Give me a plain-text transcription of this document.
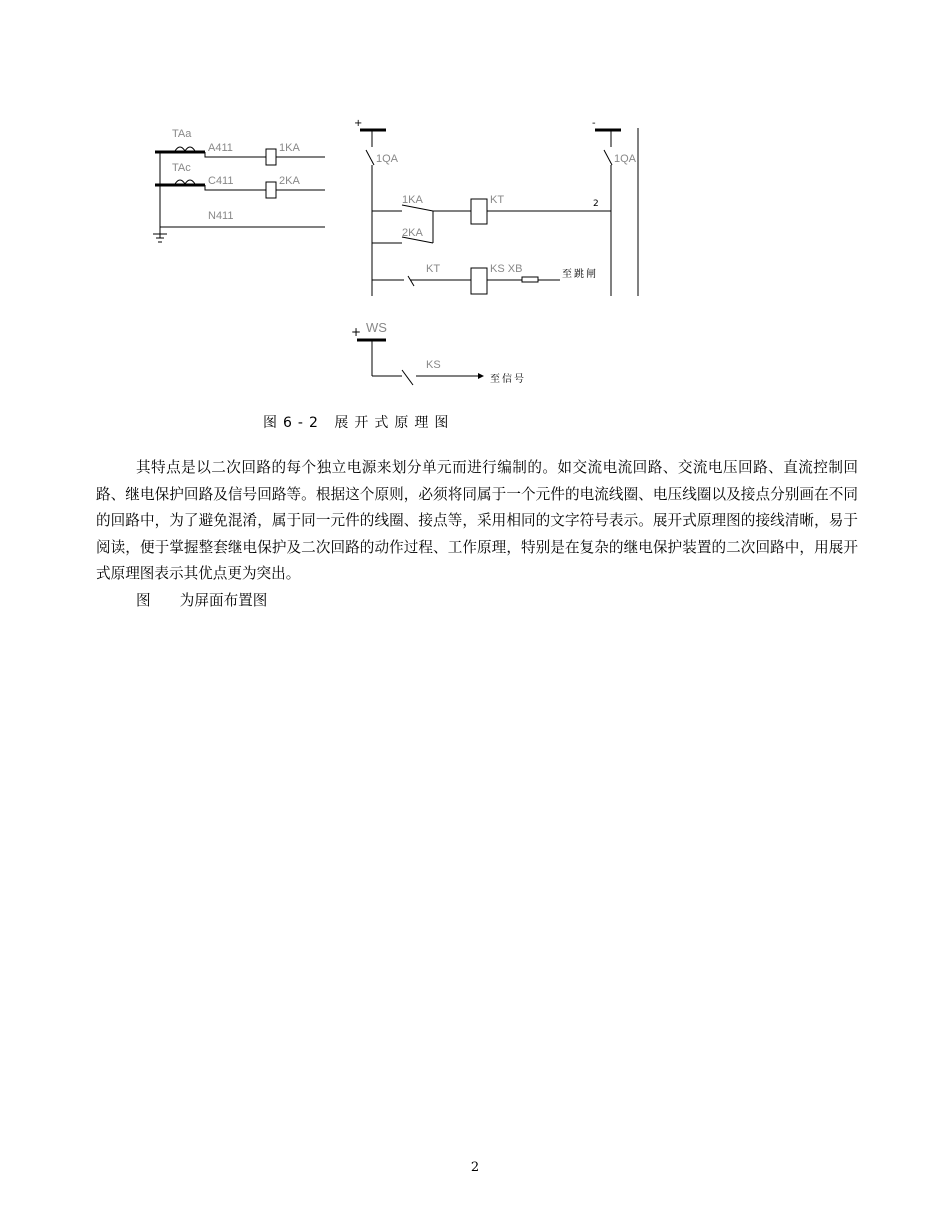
TAa
TAc
A411
C411
N411
1KA
2KA
+	-
1QA	1QA
1KA
2KA
KT	2
KT	KS XB	至跳闸
+ WS
KS
至信号
图6-2 展开式原理图

其特点是以二次回路的每个独立电源来划分单元而进行编制的。如交流电流回路、交流电压回路、直流控制回路、继电保护回路及信号回路等。根据这个原则，必须将同属于一个元件的电流线圈、电压线圈以及接点分别画在不同的回路中，为了避免混淆，属于同一元件的线圈、接点等，采用相同的文字符号表示。展开式原理图的接线清晰，易于阅读，便于掌握整套继电保护及二次回路的动作过程、工作原理，特别是在复杂的继电保护装置的二次回路中，用展开式原理图表示其优点更为突出。

图　　为屏面布置图
2
